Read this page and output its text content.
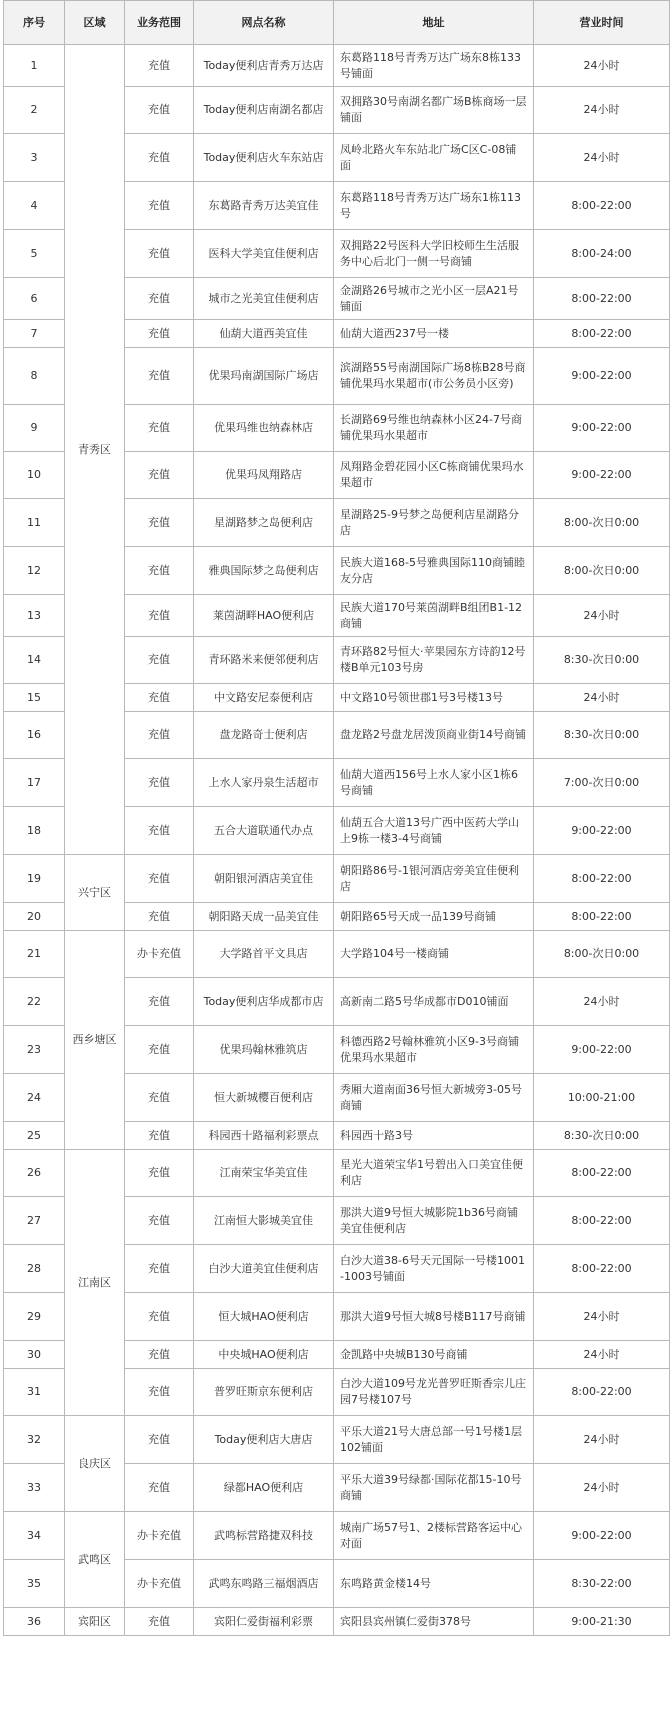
序号	区域	业务范围	网点名称	地址	营业时间
1	青秀区	充值	Today便利店青秀万达店	东葛路118号青秀万达广场东8栋133号铺面	24小时
2		充值	Today便利店南湖名都店	双拥路30号南湖名都广场B栋商场一层铺面	24小时
3		充值	Today便利店火车东站店	凤岭北路火车东站北广场C区C-08铺面	24小时
4		充值	东葛路青秀万达美宜佳	东葛路118号青秀万达广场东1栋113号	8:00-22:00
5		充值	医科大学美宜佳便利店	双拥路22号医科大学旧校师生生活服务中心后北门一侧一号商铺	8:00-24:00
6		充值	城市之光美宜佳便利店	金湖路26号城市之光小区一层A21号铺面	8:00-22:00
7		充值	仙葫大道西美宜佳	仙葫大道西237号一楼	8:00-22:00
8		充值	优果玛南湖国际广场店	滨湖路55号南湖国际广场8栋B28号商铺优果玛水果超市(市公务员小区旁)	9:00-22:00
9		充值	优果玛维也纳森林店	长湖路69号维也纳森林小区24-7号商铺优果玛水果超市	9:00-22:00
10		充值	优果玛凤翔路店	凤翔路金碧花园小区C栋商铺优果玛水果超市	9:00-22:00
11		充值	星湖路梦之岛便利店	星湖路25-9号梦之岛便利店星湖路分店	8:00-次日0:00
12		充值	雅典国际梦之岛便利店	民族大道168-5号雅典国际110商铺睦友分店	8:00-次日0:00
13		充值	莱茵湖畔HAO便利店	民族大道170号莱茵湖畔B组团B1-12商铺	24小时
14		充值	青环路米来便邻便利店	青环路82号恒大·苹果园东方诗韵12号楼B单元103号房	8:30-次日0:00
15		充值	中文路安尼泰便利店	中文路10号领世郡1号3号楼13号	24小时
16		充值	盘龙路奇士便利店	盘龙路2号盘龙居泼顶商业街14号商铺	8:30-次日0:00
17		充值	上水人家丹泉生活超市	仙葫大道西156号上水人家小区1栋6号商铺	7:00-次日0:00
18		充值	五合大道联通代办点	仙葫五合大道13号广西中医药大学山上9栋一楼3-4号商铺	9:00-22:00
19	兴宁区	充值	朝阳银河酒店美宜佳	朝阳路86号-1银河酒店旁美宜佳便利店	8:00-22:00
20		充值	朝阳路天成一品美宜佳	朝阳路65号天成一品139号商铺	8:00-22:00
21	西乡塘区	办卡充值	大学路首平文具店	大学路104号一楼商铺	8:00-次日0:00
22		充值	Today便利店华成都市店	高新南二路5号华成都市D010铺面	24小时
23		充值	优果玛翰林雅筑店	科德西路2号翰林雅筑小区9-3号商铺优果玛水果超市	9:00-22:00
24		充值	恒大新城樱百便利店	秀厢大道南面36号恒大新城旁3-05号商铺	10:00-21:00
25		充值	科园西十路福利彩票点	科园西十路3号	8:30-次日0:00
26	江南区	充值	江南荣宝华美宜佳	星光大道荣宝华1号碧出入口美宜佳便利店	8:00-22:00
27		充值	江南恒大影城美宜佳	那洪大道9号恒大城影院1b36号商铺美宜佳便利店	8:00-22:00
28		充值	白沙大道美宜佳便利店	白沙大道38-6号天元国际一号楼1001-1003号铺面	8:00-22:00
29		充值	恒大城HAO便利店	那洪大道9号恒大城8号楼B117号商铺	24小时
30		充值	中央城HAO便利店	金凯路中央城B130号商铺	24小时
31		充值	普罗旺斯京东便利店	白沙大道109号龙光普罗旺斯香宗儿庄园7号楼107号	8:00-22:00
32	良庆区	充值	Today便利店大唐店	平乐大道21号大唐总部一号1号楼1层102铺面	24小时
33		充值	绿都HAO便利店	平乐大道39号绿都·国际花都15-10号商铺	24小时
34	武鸣区	办卡充值	武鸣标营路捷双科技	城南广场57号1、2楼标营路客运中心对面	9:00-22:00
35		办卡充值	武鸣东鸣路三福烟酒店	东鸣路黄金楼14号	8:30-22:00
36	宾阳区	充值	宾阳仁爱街福利彩票	宾阳县宾州镇仁爱街378号	9:00-21:30
